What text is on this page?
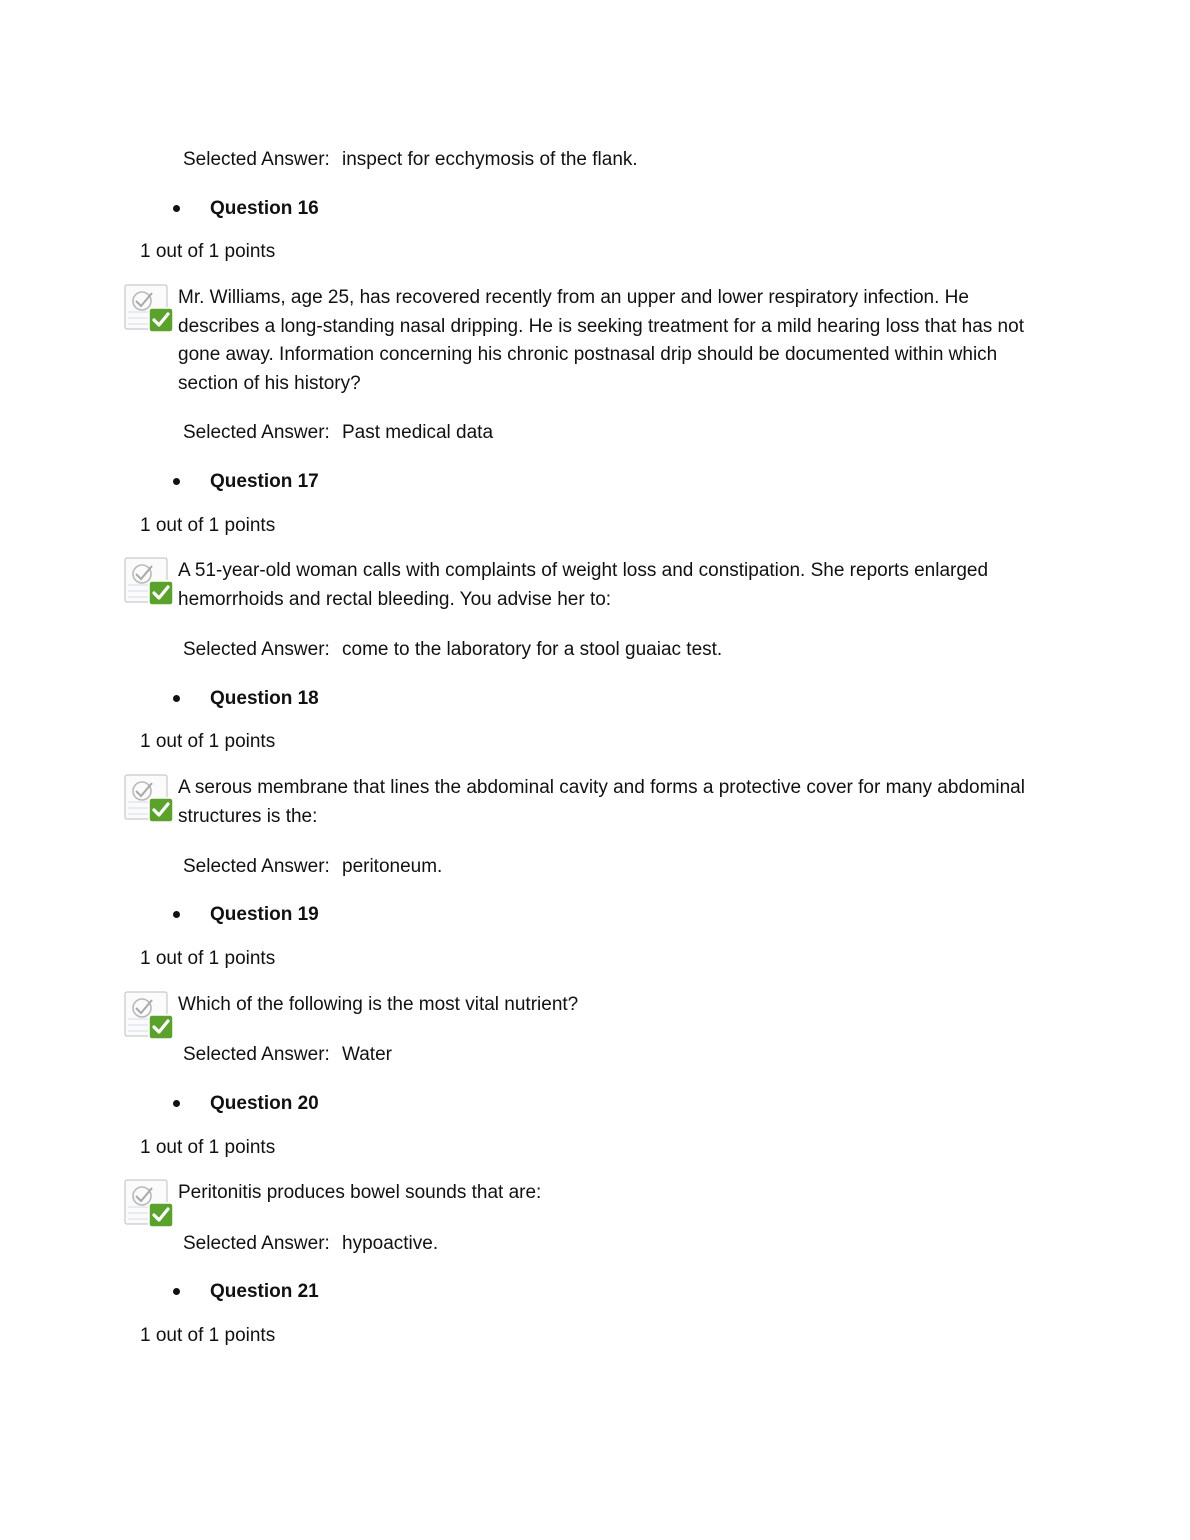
Selected Answer: inspect for ecchymosis of the flank.
Question 16
1 out of 1 points
Mr. Williams, age 25, has recovered recently from an upper and lower respiratory infection. He describes a long-standing nasal dripping. He is seeking treatment for a mild hearing loss that has not gone away. Information concerning his chronic postnasal drip should be documented within which section of his history?
Selected Answer: Past medical data
Question 17
1 out of 1 points
A 51-year-old woman calls with complaints of weight loss and constipation. She reports enlarged hemorrhoids and rectal bleeding. You advise her to:
Selected Answer: come to the laboratory for a stool guaiac test.
Question 18
1 out of 1 points
A serous membrane that lines the abdominal cavity and forms a protective cover for many abdominal structures is the:
Selected Answer: peritoneum.
Question 19
1 out of 1 points
Which of the following is the most vital nutrient?
Selected Answer: Water
Question 20
1 out of 1 points
Peritonitis produces bowel sounds that are:
Selected Answer: hypoactive.
Question 21
1 out of 1 points
